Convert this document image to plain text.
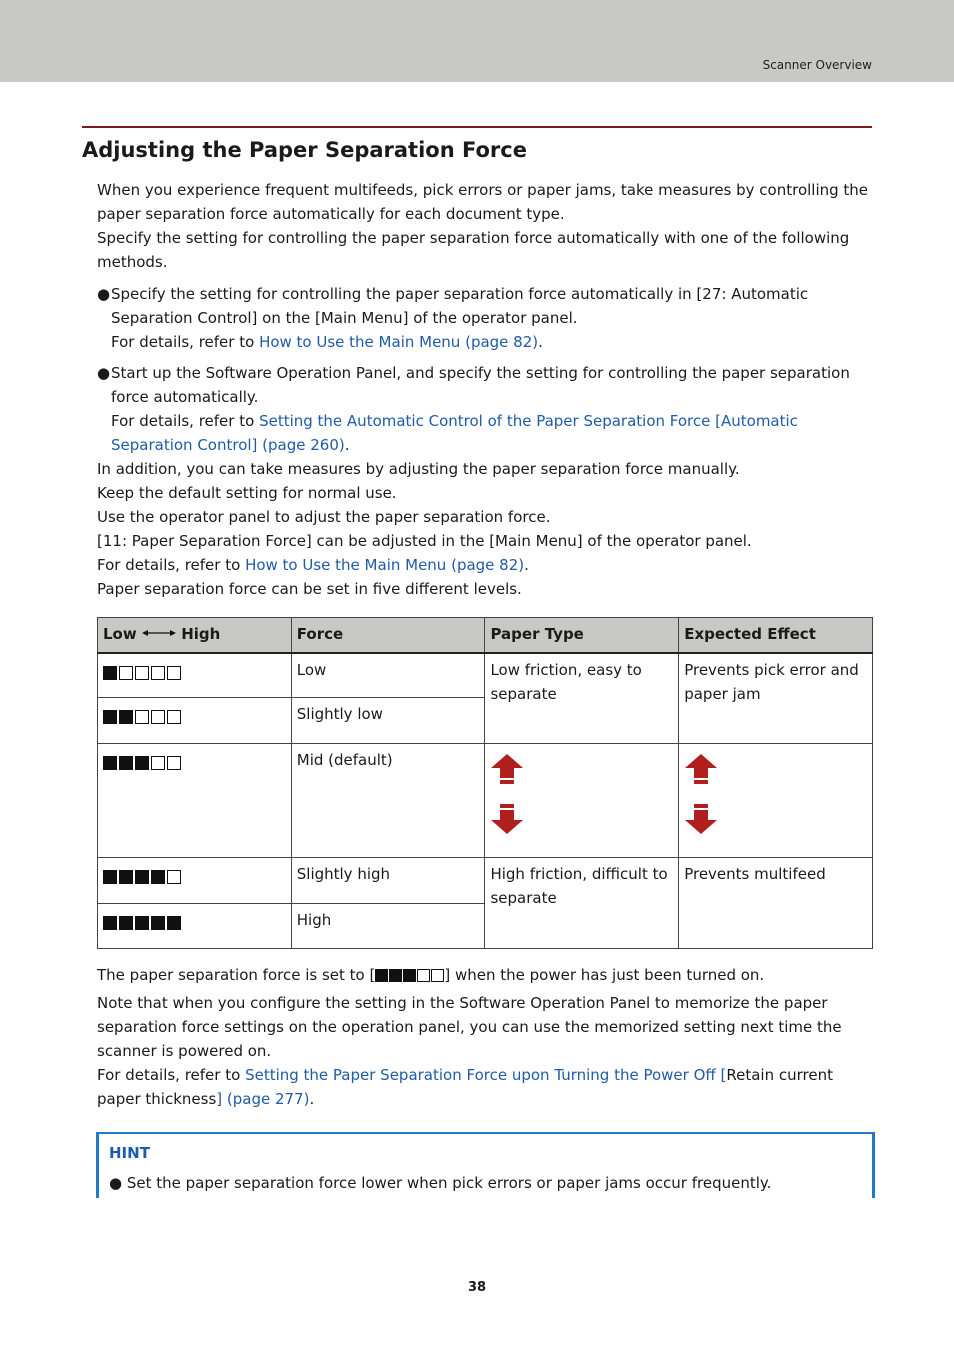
Scanner Overview
Adjusting the Paper Separation Force

When you experience frequent multifeeds, pick errors or paper jams, take measures by controlling the paper separation force automatically for each document type.

Specify the setting for controlling the paper separation force automatically with one of the following methods.

● Specify the setting for controlling the paper separation force automatically in [27: Automatic Separation Control] on the [Main Menu] of the operator panel.

For details, refer to How to Use the Main Menu (page 82).

● Start up the Software Operation Panel, and specify the setting for controlling the paper separation force automatically.

For details, refer to Setting the Automatic Control of the Paper Separation Force [Automatic Separation Control] (page 260).

In addition, you can take measures by adjusting the paper separation force manually.

Keep the default setting for normal use.

Use the operator panel to adjust the paper separation force.

[11: Paper Separation Force] can be adjusted in the [Main Menu] of the operator panel.

For details, refer to How to Use the Main Menu (page 82).

Paper separation force can be set in five different levels.

Low High	Force	Paper Type	Expected Effect

	Low	Low friction, easy to separate	Prevents pick error and paper jam

	Slightly low		

	Mid (default)		

	Slightly high	High friction, difficult to separate	Prevents multifeed

	High		

The paper separation force is set to [	] when the power has just been turned on.

Note that when you configure the setting in the Software Operation Panel to memorize the paper separation force settings on the operation panel, you can use the memorized setting next time the scanner is powered on.

For details, refer to Setting the Paper Separation Force upon Turning the Power Off [Retain current paper thickness] (page 277).

HINT
● Set the paper separation force lower when pick errors or paper jams occur frequently.
38
